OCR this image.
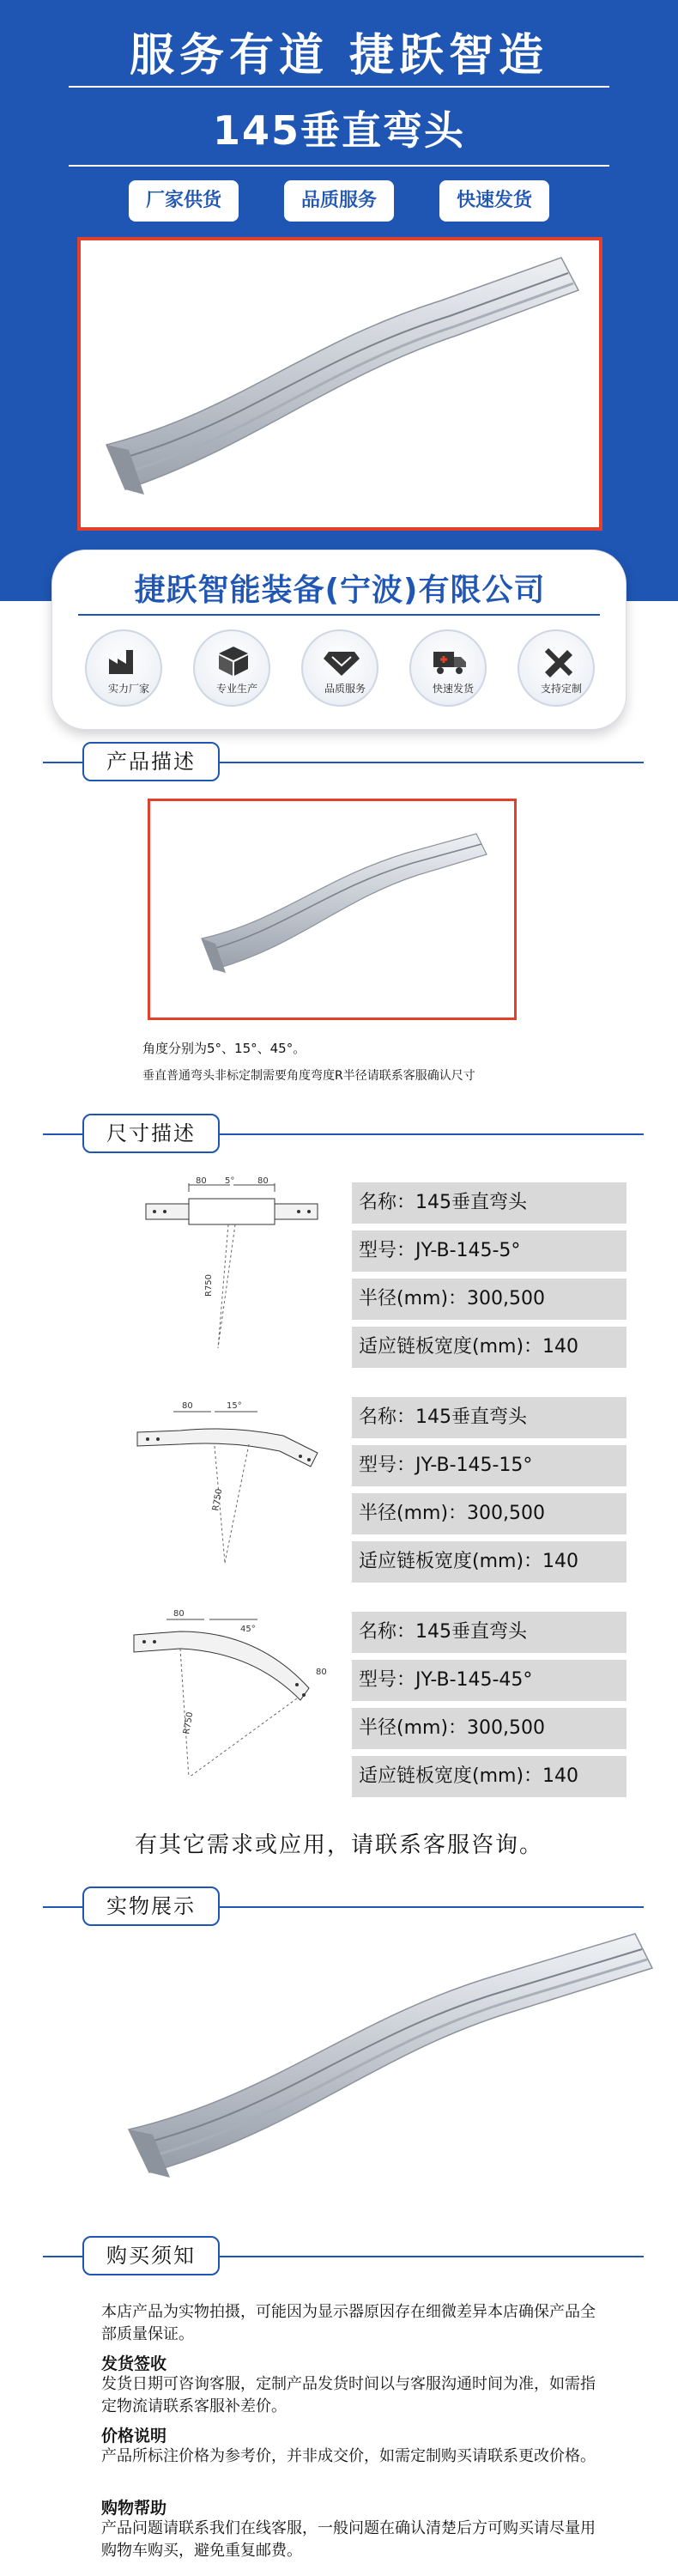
服务有道 捷跃智造
145垂直弯头
厂家供货	品质服务	快速发货
捷跃智能装备(宁波)有限公司
实力厂家	专业生产	品质服务	快速发货	支持定制
产品描述
角度分别为5°、15°、45°。
垂直普通弯头非标定制需要角度弯度R半径请联系客服确认尺寸
尺寸描述
80 5°	80
R750
名称：145垂直弯头
型号：JY-B-145-5°
半径(mm)：300,500
适应链板宽度(mm)：140
80	15°
R750
名称：145垂直弯头
型号：JY-B-145-15°
半径(mm)：300,500
适应链板宽度(mm)：140
80
45°
80
R750
名称：145垂直弯头
型号：JY-B-145-45°
半径(mm)：300,500
适应链板宽度(mm)：140
有其它需求或应用，请联系客服咨询。
实物展示
购买须知
本店产品为实物拍摄，可能因为显示器原因存在细微差异本店确保产品全部质量保证。
发货签收
发货日期可咨询客服，定制产品发货时间以与客服沟通时间为准，如需指定物流请联系客服补差价。
价格说明
产品所标注价格为参考价，并非成交价，如需定制购买请联系更改价格。
购物帮助
产品问题请联系我们在线客服，一般问题在确认清楚后方可购买请尽量用购物车购买，避免重复邮费。
